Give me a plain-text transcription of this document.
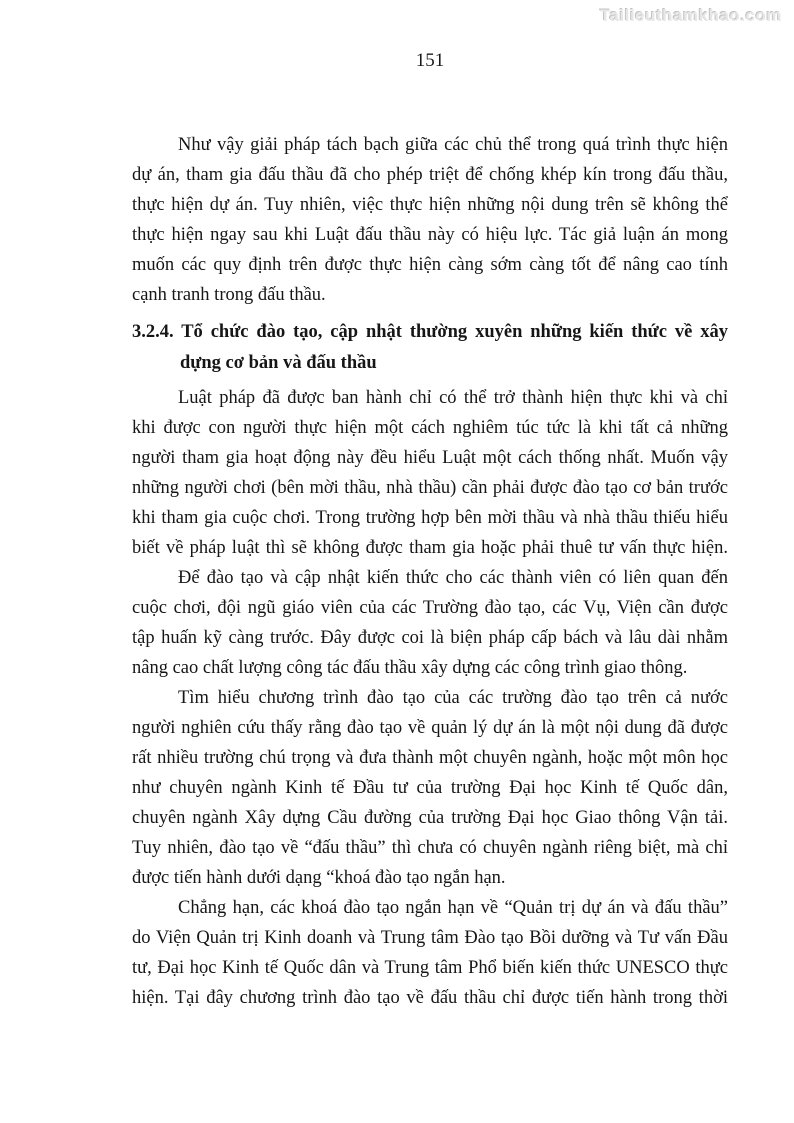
Tailieuthamkhao.com
151
Như vậy giải pháp tách bạch giữa các chủ thể trong quá trình thực hiện
dự án, tham gia đấu thầu đã cho phép triệt để chống khép kín trong đấu thầu,
thực hiện dự án. Tuy nhiên, việc thực hiện những nội dung trên sẽ không thể
thực hiện ngay sau khi Luật đấu thầu này có hiệu lực. Tác giả luận án mong
muốn các quy định trên được thực hiện càng sớm càng tốt để nâng cao tính
cạnh tranh trong đấu thầu.
3.2.4. Tổ chức đào tạo, cập nhật thường xuyên những kiến thức về xây
dựng cơ bản và đấu thầu
Luật pháp đã được ban hành chỉ có thể trở thành hiện thực khi và chỉ
khi được con người thực hiện một cách nghiêm túc tức là khi tất cả những
người tham gia hoạt động này đều hiểu Luật một cách thống nhất. Muốn vậy
những người chơi (bên mời thầu, nhà thầu) cần phải được đào tạo cơ bản trước
khi tham gia cuộc chơi. Trong trường hợp bên mời thầu và nhà thầu thiếu hiểu
biết về pháp luật thì sẽ không được tham gia hoặc phải thuê tư vấn thực hiện.
Để đào tạo và cập nhật kiến thức cho các thành viên có liên quan đến
cuộc chơi, đội ngũ giáo viên của các Trường đào tạo, các Vụ, Viện cần được
tập huấn kỹ càng trước. Đây được coi là biện pháp cấp bách và lâu dài nhằm
nâng cao chất lượng công tác đấu thầu xây dựng các công trình giao thông.
Tìm hiểu chương trình đào tạo của các trường đào tạo trên cả nước
người nghiên cứu thấy rằng đào tạo về quản lý dự án là một nội dung đã được
rất nhiều trường chú trọng và đưa thành một chuyên ngành, hoặc một môn học
như chuyên ngành Kinh tế Đầu tư của trường Đại học Kinh tế Quốc dân,
chuyên ngành Xây dựng Cầu đường của trường Đại học Giao thông Vận tải.
Tuy nhiên, đào tạo về “đấu thầu” thì chưa có chuyên ngành riêng biệt, mà chỉ
được tiến hành dưới dạng “khoá đào tạo ngắn hạn.
Chẳng hạn, các khoá đào tạo ngắn hạn về “Quản trị dự án và đấu thầu”
do Viện Quản trị Kinh doanh và Trung tâm Đào tạo Bồi dưỡng và Tư vấn Đầu
tư, Đại học Kinh tế Quốc dân và Trung tâm Phổ biến kiến thức UNESCO thực
hiện. Tại đây chương trình đào tạo về đấu thầu chỉ được tiến hành trong thời
